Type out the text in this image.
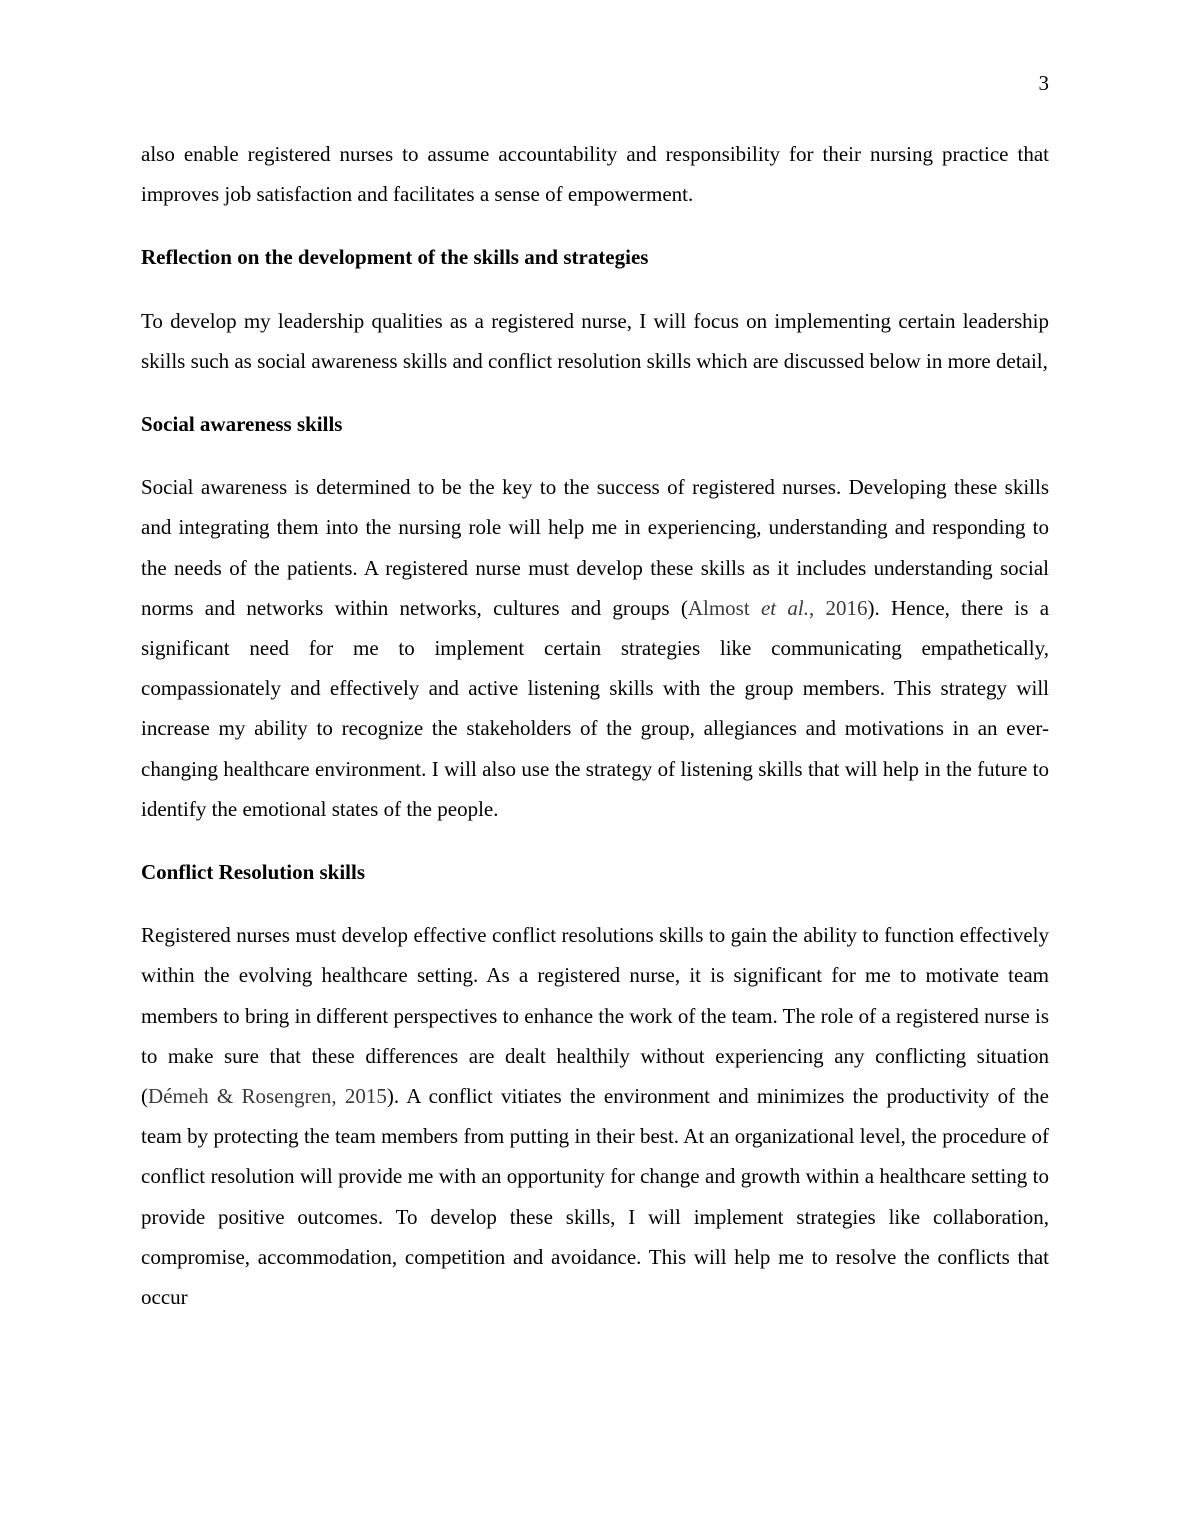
3

also enable registered nurses to assume accountability and responsibility for their nursing practice that improves job satisfaction and facilitates a sense of empowerment.

Reflection on the development of the skills and strategies

To develop my leadership qualities as a registered nurse, I will focus on implementing certain leadership skills such as social awareness skills and conflict resolution skills which are discussed below in more detail,

Social awareness skills

Social awareness is determined to be the key to the success of registered nurses. Developing these skills and integrating them into the nursing role will help me in experiencing, understanding and responding to the needs of the patients. A registered nurse must develop these skills as it includes understanding social norms and networks within networks, cultures and groups (Almost et al., 2016). Hence, there is a significant need for me to implement certain strategies like communicating empathetically, compassionately and effectively and active listening skills with the group members. This strategy will increase my ability to recognize the stakeholders of the group, allegiances and motivations in an ever-changing healthcare environment. I will also use the strategy of listening skills that will help in the future to identify the emotional states of the people.

Conflict Resolution skills

Registered nurses must develop effective conflict resolutions skills to gain the ability to function effectively within the evolving healthcare setting. As a registered nurse, it is significant for me to motivate team members to bring in different perspectives to enhance the work of the team. The role of a registered nurse is to make sure that these differences are dealt healthily without experiencing any conflicting situation (Démeh & Rosengren, 2015). A conflict vitiates the environment and minimizes the productivity of the team by protecting the team members from putting in their best. At an organizational level, the procedure of conflict resolution will provide me with an opportunity for change and growth within a healthcare setting to provide positive outcomes. To develop these skills, I will implement strategies like collaboration, compromise, accommodation, competition and avoidance. This will help me to resolve the conflicts that occur
